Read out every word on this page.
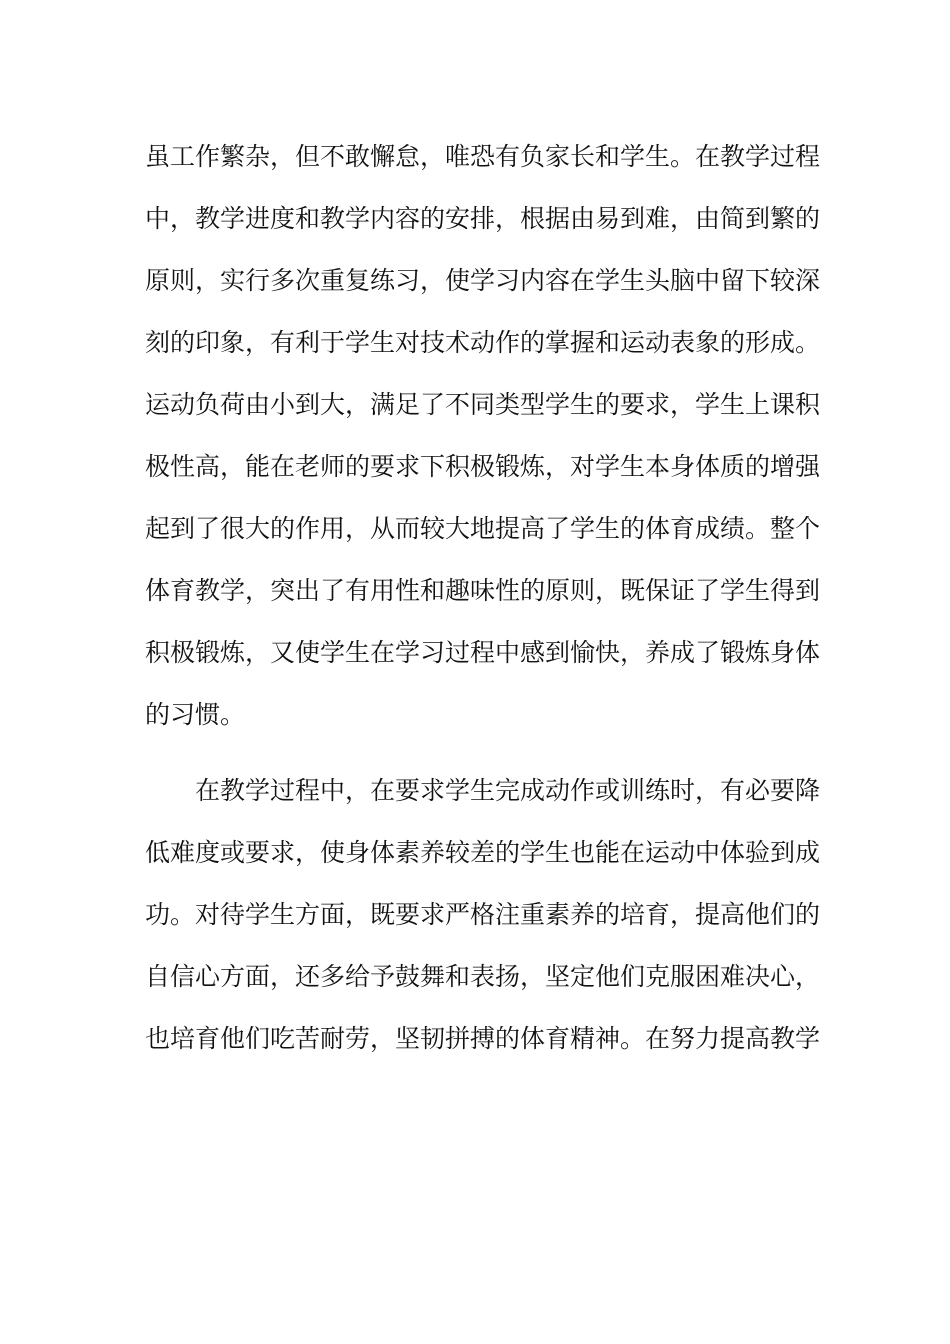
虽工作繁杂，但不敢懈怠，唯恐有负家长和学生。在教学过程
中，教学进度和教学内容的安排，根据由易到难，由简到繁的
原则，实行多次重复练习，使学习内容在学生头脑中留下较深
刻的印象，有利于学生对技术动作的掌握和运动表象的形成。
运动负荷由小到大，满足了不同类型学生的要求，学生上课积
极性高，能在老师的要求下积极锻炼，对学生本身体质的增强
起到了很大的作用，从而较大地提高了学生的体育成绩。整个
体育教学，突出了有用性和趣味性的原则，既保证了学生得到
积极锻炼，又使学生在学习过程中感到愉快，养成了锻炼身体
的习惯。
在教学过程中，在要求学生完成动作或训练时，有必要降
低难度或要求，使身体素养较差的学生也能在运动中体验到成
功。对待学生方面，既要求严格注重素养的培育，提高他们的
自信心方面，还多给予鼓舞和表扬，坚定他们克服困难决心，
也培育他们吃苦耐劳，坚韧拼搏的体育精神。在努力提高教学
